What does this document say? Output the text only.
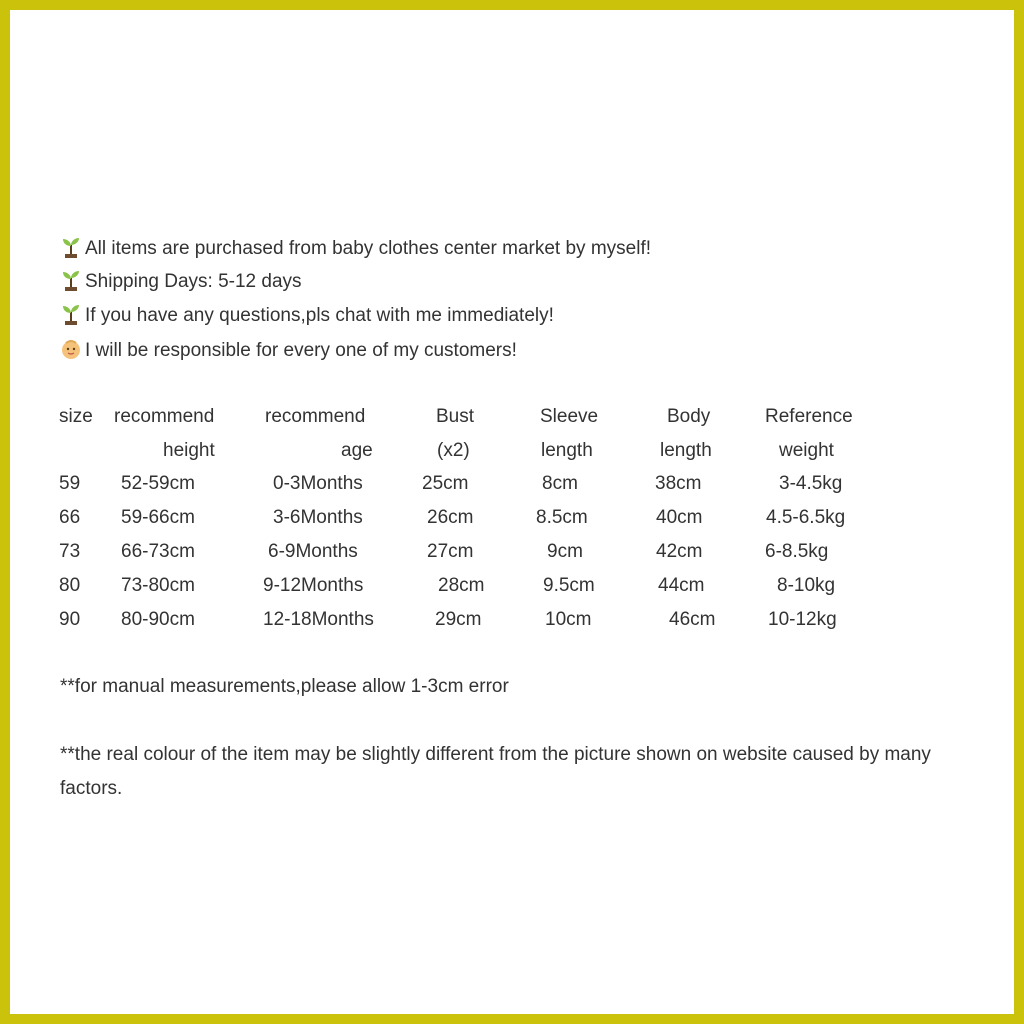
All items are purchased from baby clothes center market by myself!
Shipping Days: 5-12 days
If you have any questions,pls chat with me immediately!
I will be responsible for every one of my customers!
size recommend	recommend	Bust	Sleeve	Body	Reference
height	age	(x2)	length	length	weight
59 52-59cm	0-3Months	25cm	8cm	38cm	3-4.5kg
66 59-66cm	3-6Months	26cm	8.5cm	40cm	4.5-6.5kg
73 66-73cm	6-9Months	27cm	9cm	42cm	6-8.5kg
80 73-80cm	9-12Months	28cm	9.5cm	44cm	8-10kg
90 80-90cm	12-18Months	29cm	10cm	46cm	10-12kg
**for manual measurements,please allow 1-3cm error
**the real colour of the item may be slightly different from the picture shown on website caused by many factors.
